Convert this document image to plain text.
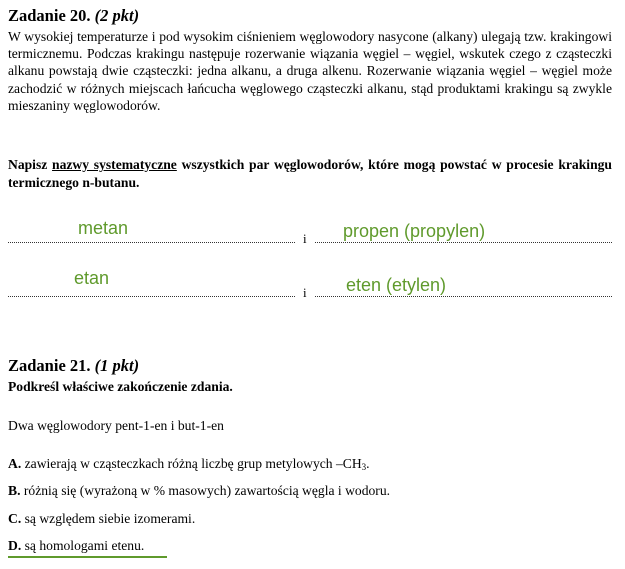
Zadanie 20. (2 pkt)
W wysokiej temperaturze i pod wysokim ciśnieniem węglowodory nasycone (alkany) ulegają tzw. krakingowi termicznemu. Podczas krakingu następuje rozerwanie wiązania węgiel – węgiel, wskutek czego z cząsteczki alkanu powstają dwie cząsteczki: jedna alkanu, a druga alkenu. Rozerwanie wiązania węgiel – węgiel może zachodzić w różnych miejscach łańcucha węglowego cząsteczki alkanu, stąd produktami krakingu są zwykle mieszaniny węglowodorów.
Napisz nazwy systematyczne wszystkich par węglowodorów, które mogą powstać w procesie krakingu termicznego n-butanu.
i
metan	propen (propylen)
i
etan	eten (etylen)
Zadanie 21. (1 pkt)
Podkreśl właściwe zakończenie zdania.
Dwa węglowodory pent-1-en i but-1-en
A. zawierają w cząsteczkach różną liczbę grup metylowych $-CH_3$.
B. różnią się (wyrażoną w % masowych) zawartością węgla i wodoru.
C. są względem siebie izomerami.
D. są homologami etenu.
